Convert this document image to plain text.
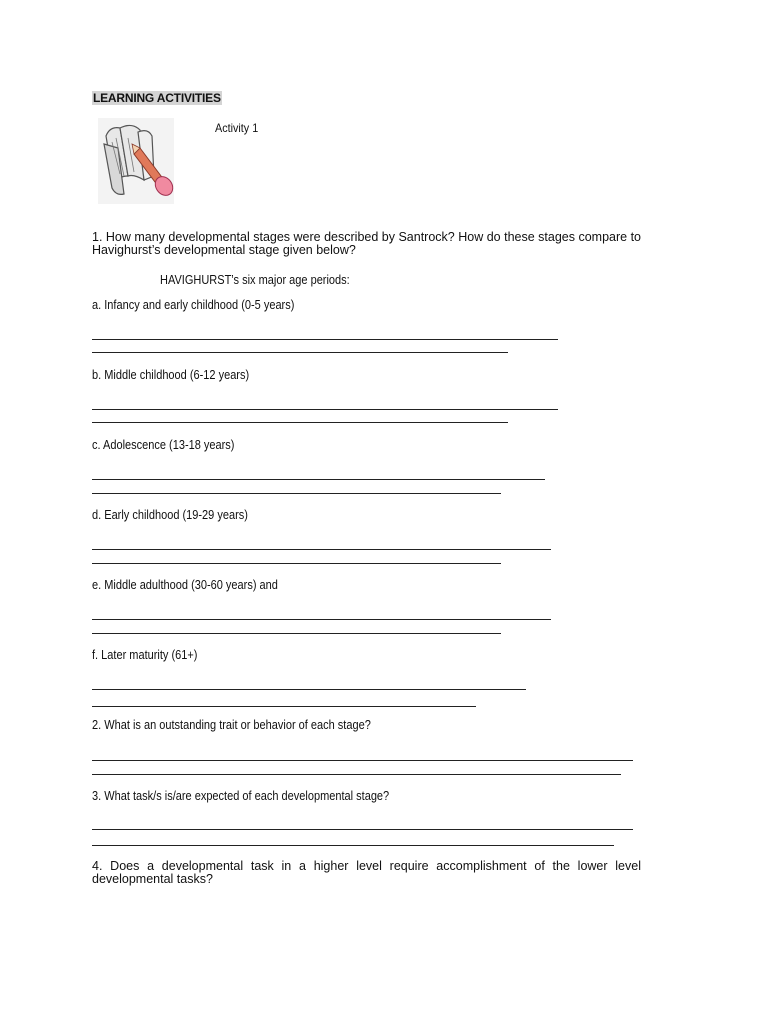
LEARNING ACTIVITIES
Activity 1
1. How many developmental stages were described by Santrock? How do these stages compare to Havighurst’s developmental stage given below?
HAVIGHURST’s six major age periods:
a. Infancy and early childhood (0-5 years)
b. Middle childhood (6-12 years)
c. Adolescence (13-18 years)
d. Early childhood (19-29 years)
e. Middle adulthood (30-60 years) and
f. Later maturity (61+)
2. What is an outstanding trait or behavior of each stage?
3. What task/s is/are expected of each developmental stage?
4. Does a developmental task in a higher level require accomplishment of the lower level developmental tasks?
